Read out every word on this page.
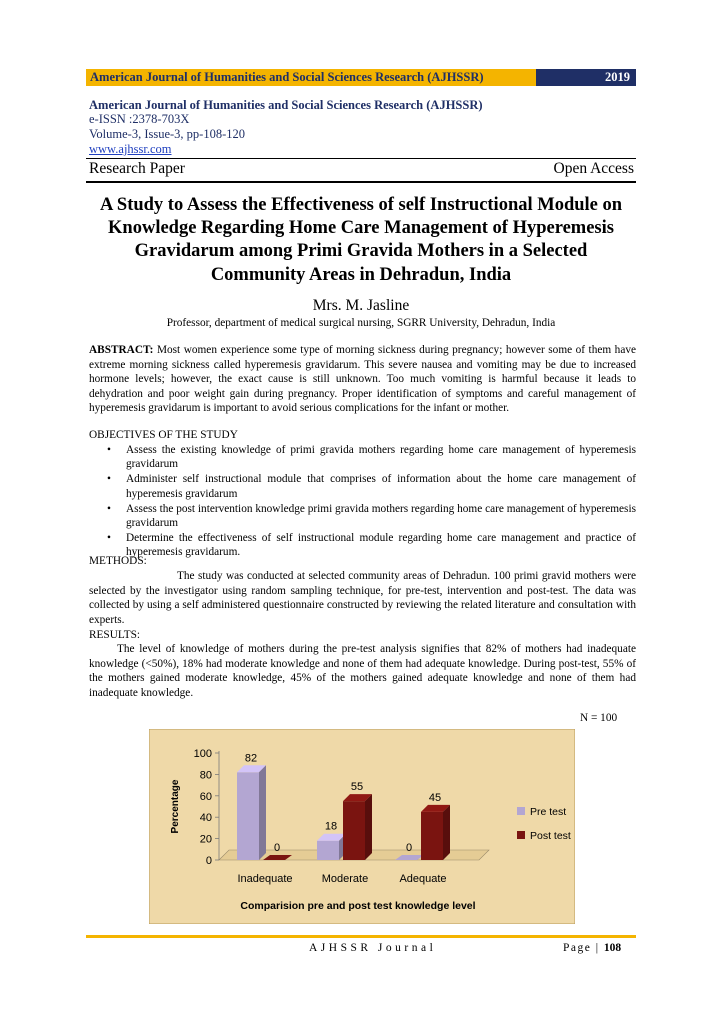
American Journal of Humanities and Social Sciences Research (AJHSSR)	2019
American Journal of Humanities and Social Sciences Research (AJHSSR)
e-ISSN :2378-703X
Volume-3, Issue-3, pp-108-120
www.ajhssr.com
Research Paper	Open Access
A Study to Assess the Effectiveness of self Instructional Module on Knowledge Regarding Home Care Management of Hyperemesis Gravidarum among Primi Gravida Mothers in a Selected Community Areas in Dehradun, India
Mrs. M. Jasline
Professor, department of medical surgical nursing, SGRR University, Dehradun, India
ABSTRACT: Most women experience some type of morning sickness during pregnancy; however some of them have extreme morning sickness called hyperemesis gravidarum. This severe nausea and vomiting may be due to increased hormone levels; however, the exact cause is still unknown. Too much vomiting is harmful because it leads to dehydration and poor weight gain during pregnancy. Proper identification of symptoms and careful management of hyperemesis gravidarum is important to avoid serious complications for the infant or mother.
OBJECTIVES OF THE STUDY
• Assess the existing knowledge of primi gravida mothers regarding home care management of hyperemesis gravidarum
• Administer self instructional module that comprises of information about the home care management of hyperemesis gravidarum
• Assess the post intervention knowledge primi gravida mothers regarding home care management of hyperemesis gravidarum
• Determine the effectiveness of self instructional module regarding home care management and practice of hyperemesis gravidarum.
METHODS:
The study was conducted at selected community areas of Dehradun. 100 primi gravid mothers were selected by the investigator using random sampling technique, for pre-test, intervention and post-test. The data was collected by using a self administered questionnaire constructed by reviewing the related literature and consultation with experts.
RESULTS:
The level of knowledge of mothers during the pre-test analysis signifies that 82% of mothers had inadequate knowledge (<50%), 18% had moderate knowledge and none of them had adequate knowledge. During post-test, 55% of the mothers gained moderate knowledge, 45% of the mothers gained adequate knowledge and none of them had inadequate knowledge.
N = 100
0
20
40
60
80
100
Percentage
82
0
Inadequate
18
55
Moderate
0
45
Adequate
Pre test
Post test
Comparision pre and post test knowledge level
AJHSSR Journal	Page | 108
